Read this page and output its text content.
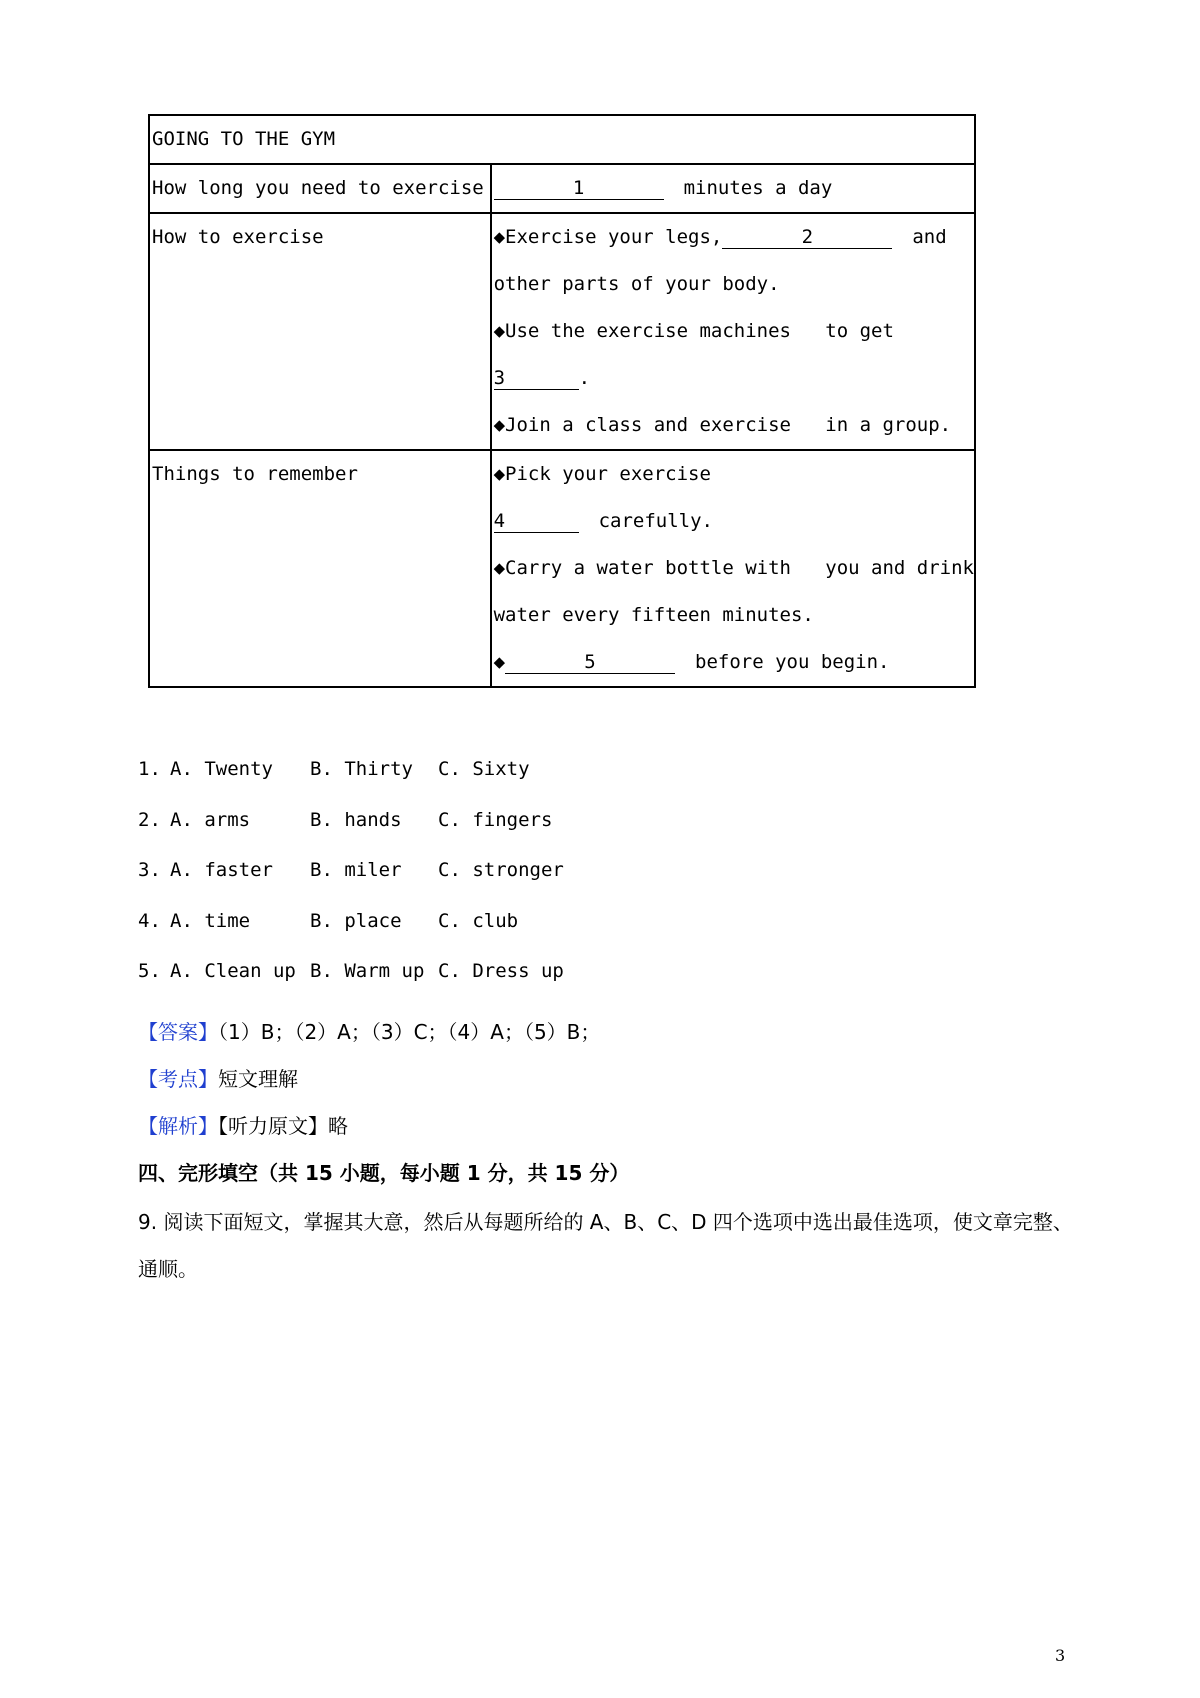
GOING TO THE GYM	

How long you need to exercise	1 minutes a day

How to exercise	◆Exercise your legs, 2 and
other parts of your body.
◆Use the exercise machines   to get
3 .
◆Join a class and exercise   in a group.

Things to remember	◆Pick your exercise
4 carefully.
◆Carry a water bottle with   you and drink
water every fifteen minutes.
◆ 5 before you begin.
1. A. Twenty B. Thirty C. Sixty
2. A. arms	B. hands C. fingers
3. A. faster B. miler C. stronger
4. A. time	B. place C. club
5. A. Clean up B. Warm up C. Dress up
【答案】（1）B；（2）A；（3）C；（4）A；（5）B；
【考点】短文理解
【解析】【听力原文】略
四、完形填空（共 15 小题，每小题 1 分，共 15 分）
9. 阅读下面短文，掌握其大意，然后从每题所给的 A、B、C、D 四个选项中选出最佳选项，使文章完整、
通顺。
3
